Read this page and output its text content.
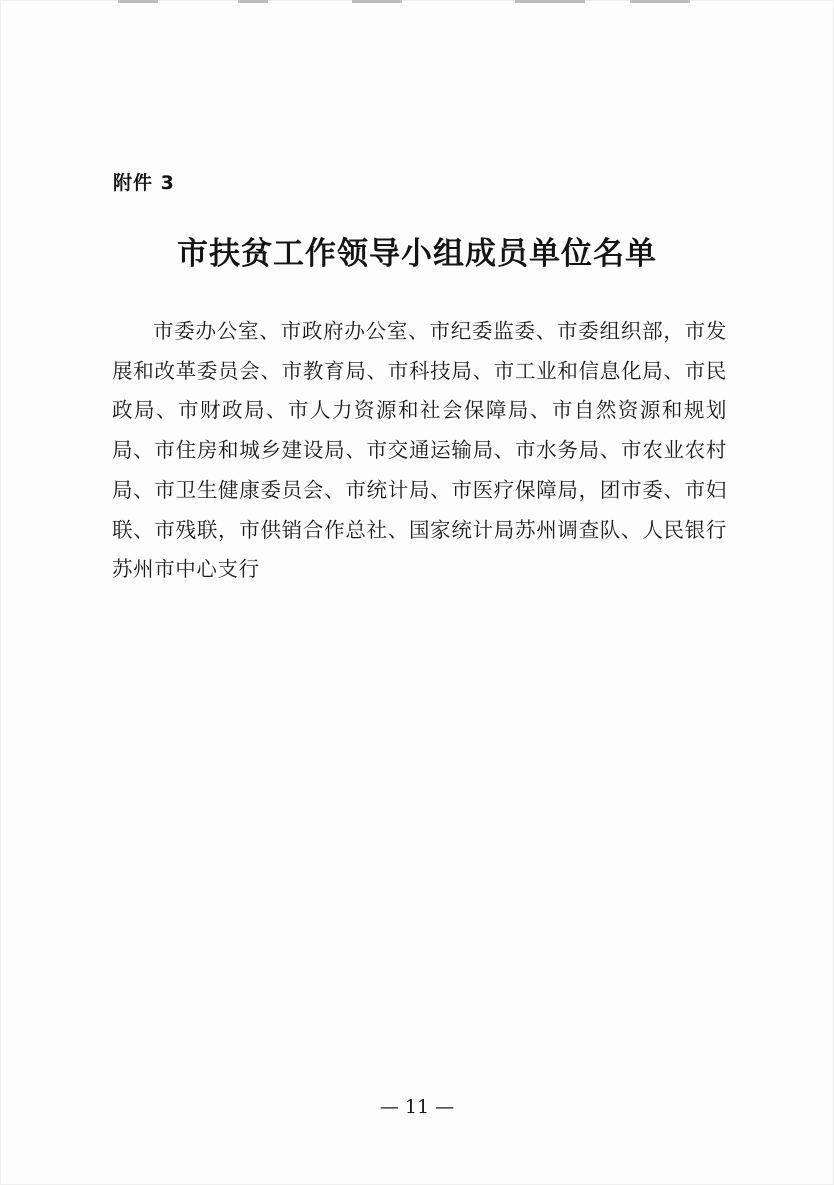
附件 3

市扶贫工作领导小组成员单位名单

市委办公室、市政府办公室、市纪委监委、市委组织部，市发展和改革委员会、市教育局、市科技局、市工业和信息化局、市民政局、市财政局、市人力资源和社会保障局、市自然资源和规划局、市住房和城乡建设局、市交通运输局、市水务局、市农业农村局、市卫生健康委员会、市统计局、市医疗保障局，团市委、市妇联、市残联，市供销合作总社、国家统计局苏州调查队、人民银行苏州市中心支行

— 11 —
